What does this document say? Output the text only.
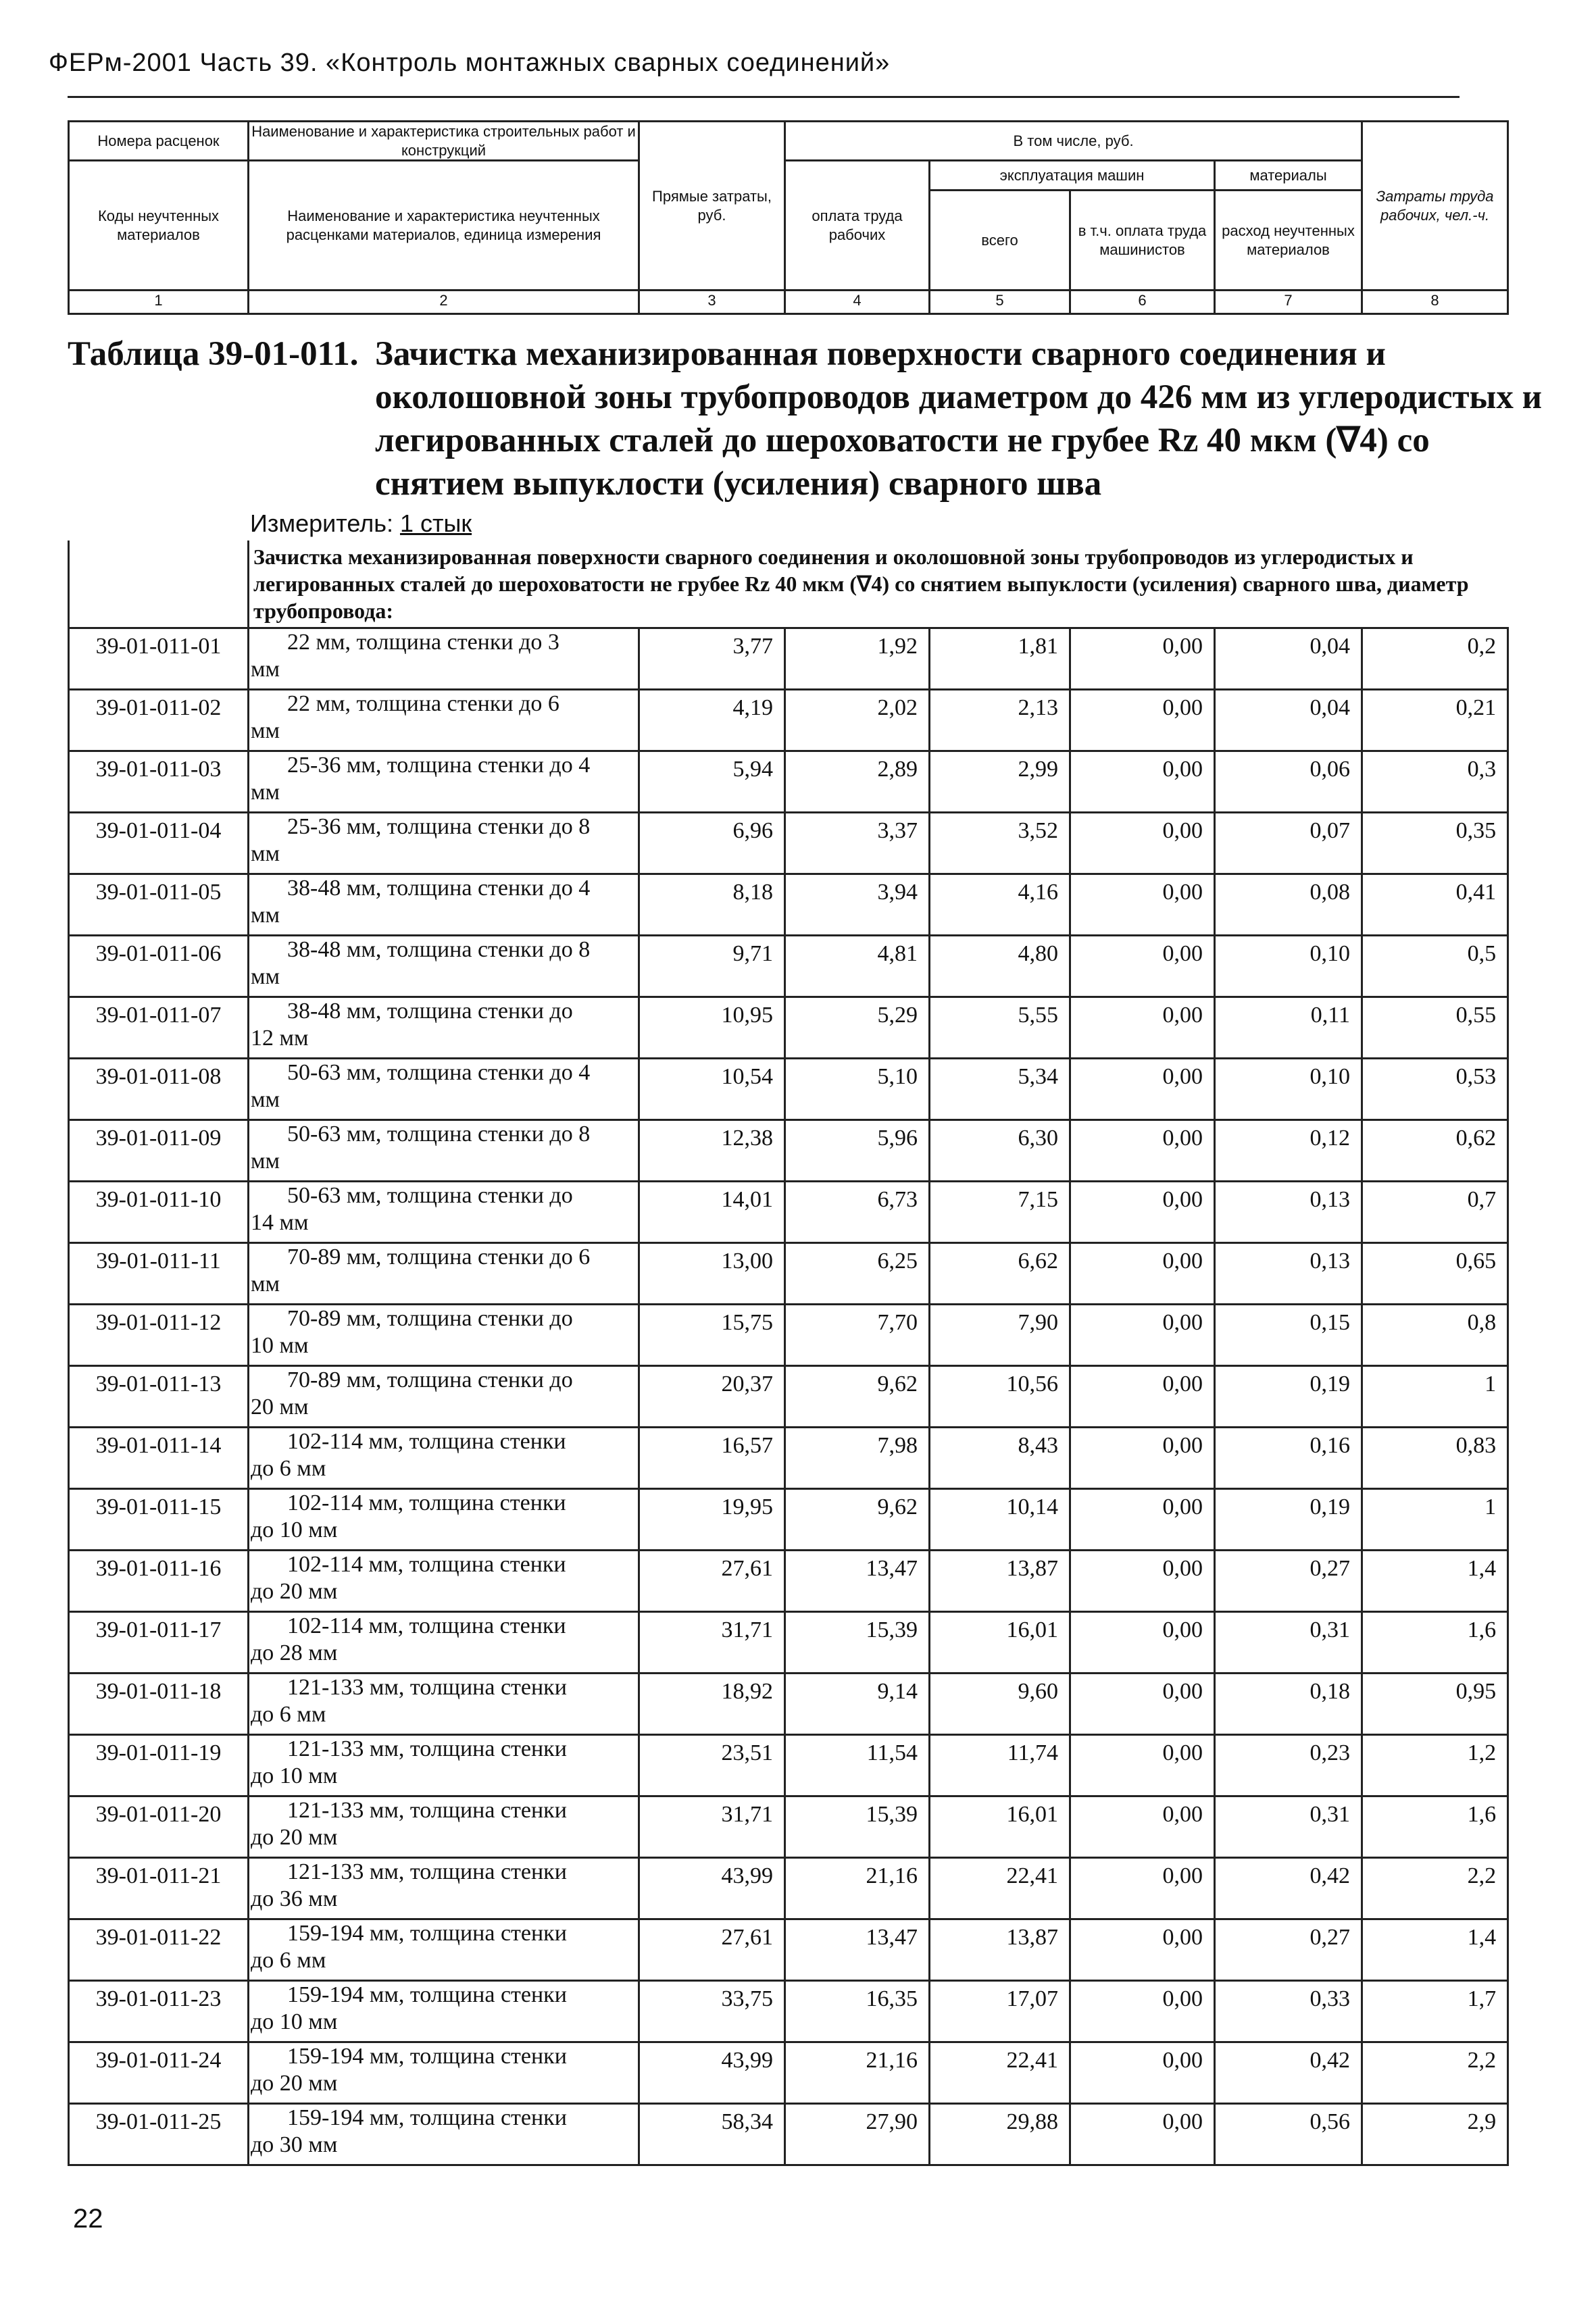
ФЕРм-2001 Часть 39. «Контроль монтажных сварных соединений»
Номера расценок	Наименование и характеристика строительных работ и конструкций	Прямые затраты, руб.	В том числе, руб.				Затраты труда рабочих, чел.-ч.
Коды неучтенных материалов	Наименование и характеристика неучтенных расценками материалов, единица измерения		оплата труда рабочих	эксплуатация машин		материалы	
				всего	в т.ч. оплата труда машинистов	расход неучтенных материалов	
1	2	3	4	5	6	7	8
Таблица 39-01-011. Зачистка механизированная поверхности сварного соединения и околошовной зоны трубопроводов диаметром до 426 мм из углеродистых и легированных сталей до шероховатости не грубее Rz 40 мкм (∇4) со снятием выпуклости (усиления) сварного шва
Измеритель: 1 стык
	Зачистка механизированная поверхности сварного соединения и околошовной зоны трубопроводов из углеродистых и легированных сталей до шероховатости не грубее Rz 40 мкм (∇4) со снятием выпуклости (усиления) сварного шва, диаметр трубопровода:						
39-01-011-01	22 мм, толщина стенки до 3
мм	3,77	1,92	1,81	0,00	0,04	0,2
39-01-011-02	22 мм, толщина стенки до 6
мм	4,19	2,02	2,13	0,00	0,04	0,21
39-01-011-03	25-36 мм, толщина стенки до 4
мм	5,94	2,89	2,99	0,00	0,06	0,3
39-01-011-04	25-36 мм, толщина стенки до 8
мм	6,96	3,37	3,52	0,00	0,07	0,35
39-01-011-05	38-48 мм, толщина стенки до 4
мм	8,18	3,94	4,16	0,00	0,08	0,41
39-01-011-06	38-48 мм, толщина стенки до 8
мм	9,71	4,81	4,80	0,00	0,10	0,5
39-01-011-07	38-48 мм, толщина стенки до
12 мм	10,95	5,29	5,55	0,00	0,11	0,55
39-01-011-08	50-63 мм, толщина стенки до 4
мм	10,54	5,10	5,34	0,00	0,10	0,53
39-01-011-09	50-63 мм, толщина стенки до 8
мм	12,38	5,96	6,30	0,00	0,12	0,62
39-01-011-10	50-63 мм, толщина стенки до
14 мм	14,01	6,73	7,15	0,00	0,13	0,7
39-01-011-11	70-89 мм, толщина стенки до 6
мм	13,00	6,25	6,62	0,00	0,13	0,65
39-01-011-12	70-89 мм, толщина стенки до
10 мм	15,75	7,70	7,90	0,00	0,15	0,8
39-01-011-13	70-89 мм, толщина стенки до
20 мм	20,37	9,62	10,56	0,00	0,19	1
39-01-011-14	102-114 мм, толщина стенки
до 6 мм	16,57	7,98	8,43	0,00	0,16	0,83
39-01-011-15	102-114 мм, толщина стенки
до 10 мм	19,95	9,62	10,14	0,00	0,19	1
39-01-011-16	102-114 мм, толщина стенки
до 20 мм	27,61	13,47	13,87	0,00	0,27	1,4
39-01-011-17	102-114 мм, толщина стенки
до 28 мм	31,71	15,39	16,01	0,00	0,31	1,6
39-01-011-18	121-133 мм, толщина стенки
до 6 мм	18,92	9,14	9,60	0,00	0,18	0,95
39-01-011-19	121-133 мм, толщина стенки
до 10 мм	23,51	11,54	11,74	0,00	0,23	1,2
39-01-011-20	121-133 мм, толщина стенки
до 20 мм	31,71	15,39	16,01	0,00	0,31	1,6
39-01-011-21	121-133 мм, толщина стенки
до 36 мм	43,99	21,16	22,41	0,00	0,42	2,2
39-01-011-22	159-194 мм, толщина стенки
до 6 мм	27,61	13,47	13,87	0,00	0,27	1,4
39-01-011-23	159-194 мм, толщина стенки
до 10 мм	33,75	16,35	17,07	0,00	0,33	1,7
39-01-011-24	159-194 мм, толщина стенки
до 20 мм	43,99	21,16	22,41	0,00	0,42	2,2
39-01-011-25	159-194 мм, толщина стенки
до 30 мм	58,34	27,90	29,88	0,00	0,56	2,9
22
